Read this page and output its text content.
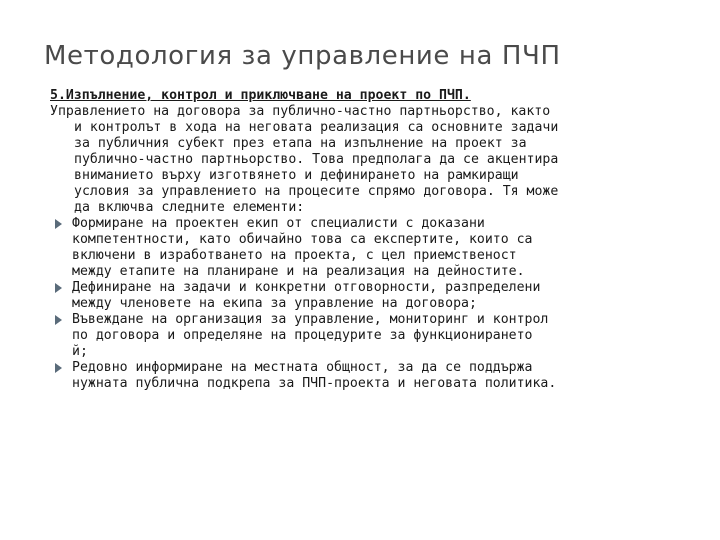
Методология за управление на ПЧП

5.Изпълнение, контрол и приключване на проект по ПЧП.

Управлението на договора за публично-частно партньорство, както
и контролът в хода на неговата реализация са основните задачи
за публичния субект през етапа на изпълнение на проект за
публично-частно партньорство. Това предполага да се акцентира
вниманието върху изготвянето и дефинирането на рамкиращи
условия за управлението на процесите спрямо договора. Тя може
да включва следните елементи:
Формиране на проектен екип от специалисти с доказани
компетентности, като обичайно това са експертите, които са
включени в изработването на проекта, с цел приемственост
между етапите на планиране и на реализация на дейностите.
Дефиниране на задачи и конкретни отговорности, разпределени
между членовете на екипа за управление на договора;
Въвеждане на организация за управление, мониторинг и контрол
по договора и определяне на процедурите за функционирането
й;
Редовно информиране на местната общност, за да се поддържа
нужната публична подкрепа за ПЧП-проекта и неговата политика.
